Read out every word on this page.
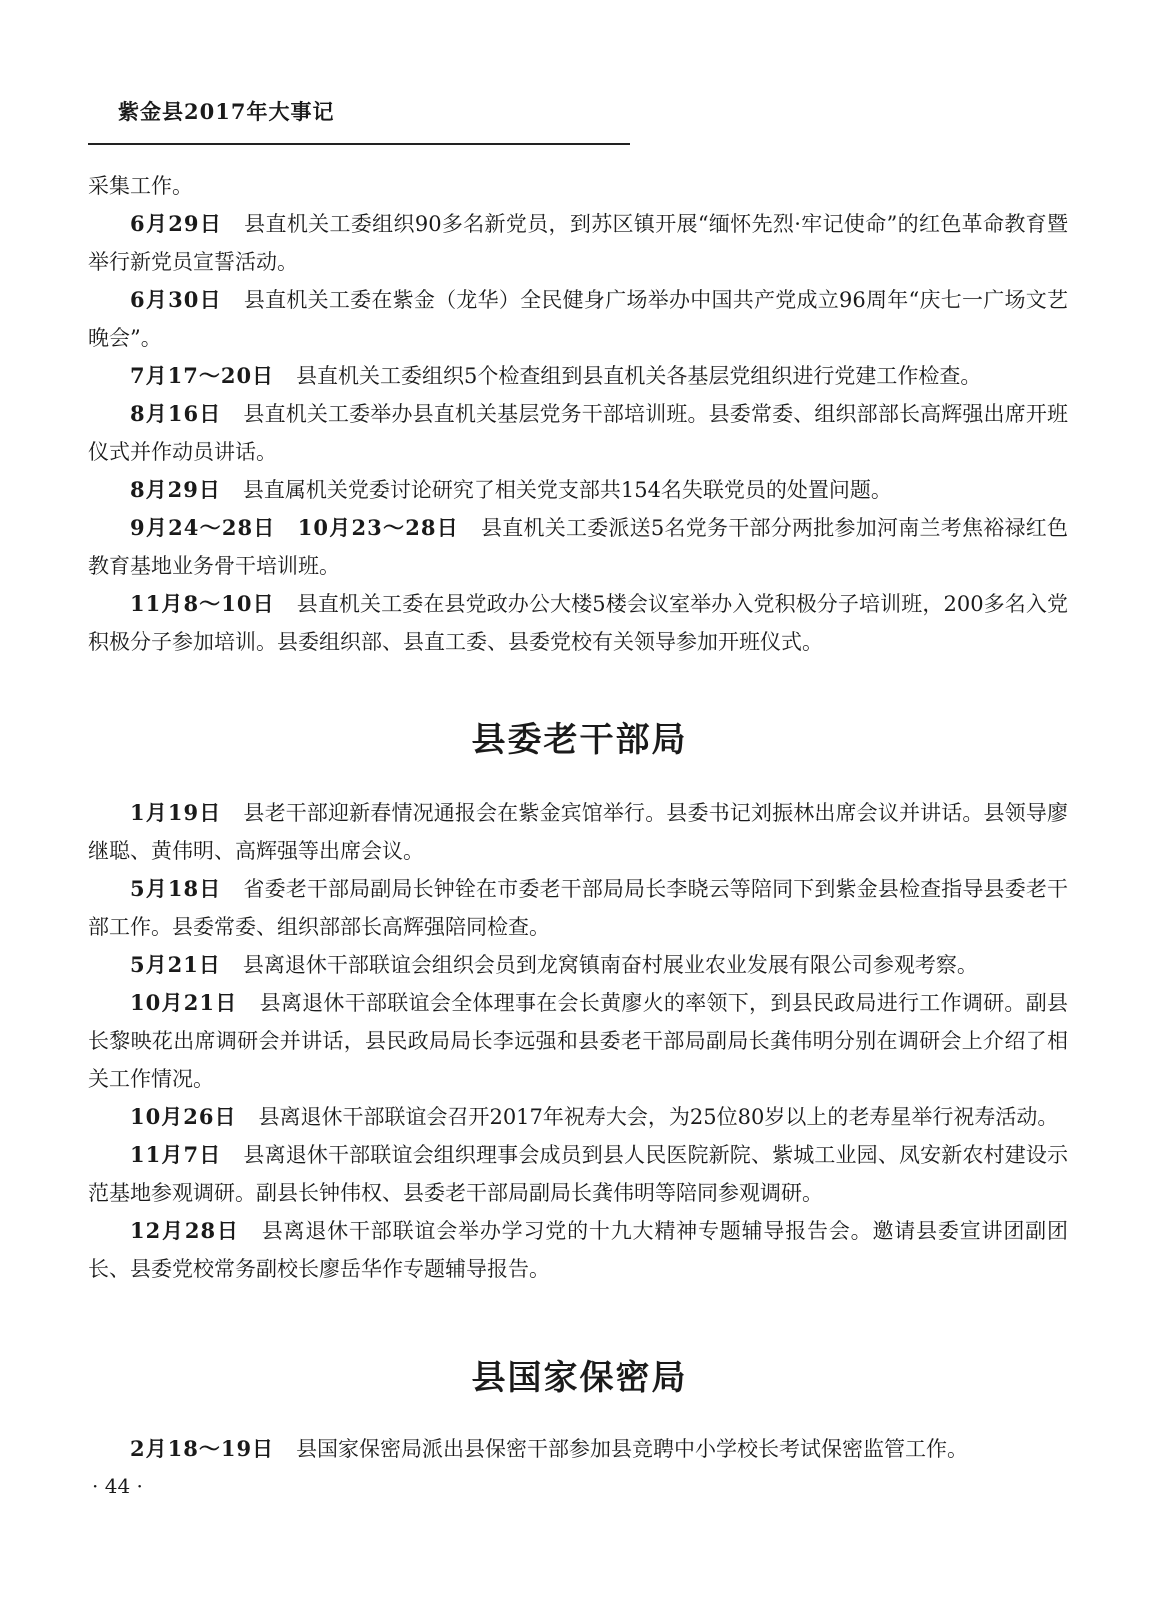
紫金县2017年大事记

采集工作。

6月29日 县直机关工委组织90多名新党员，到苏区镇开展“缅怀先烈·牢记使命”的红色革命教育暨举行新党员宣誓活动。

6月30日 县直机关工委在紫金（龙华）全民健身广场举办中国共产党成立96周年“庆七一广场文艺晚会”。

7月17～20日 县直机关工委组织5个检查组到县直机关各基层党组织进行党建工作检查。

8月16日 县直机关工委举办县直机关基层党务干部培训班。县委常委、组织部部长高辉强出席开班仪式并作动员讲话。

8月29日 县直属机关党委讨论研究了相关党支部共154名失联党员的处置问题。

9月24～28日　10月23～28日 县直机关工委派送5名党务干部分两批参加河南兰考焦裕禄红色教育基地业务骨干培训班。

11月8～10日 县直机关工委在县党政办公大楼5楼会议室举办入党积极分子培训班，200多名入党积极分子参加培训。县委组织部、县直工委、县委党校有关领导参加开班仪式。

县委老干部局

1月19日 县老干部迎新春情况通报会在紫金宾馆举行。县委书记刘振林出席会议并讲话。县领导廖继聪、黄伟明、高辉强等出席会议。

5月18日 省委老干部局副局长钟铨在市委老干部局局长李晓云等陪同下到紫金县检查指导县委老干部工作。县委常委、组织部部长高辉强陪同检查。

5月21日 县离退休干部联谊会组织会员到龙窝镇南奋村展业农业发展有限公司参观考察。

10月21日 县离退休干部联谊会全体理事在会长黄廖火的率领下，到县民政局进行工作调研。副县长黎映花出席调研会并讲话，县民政局局长李远强和县委老干部局副局长龚伟明分别在调研会上介绍了相关工作情况。

10月26日 县离退休干部联谊会召开2017年祝寿大会，为25位80岁以上的老寿星举行祝寿活动。

11月7日 县离退休干部联谊会组织理事会成员到县人民医院新院、紫城工业园、凤安新农村建设示范基地参观调研。副县长钟伟权、县委老干部局副局长龚伟明等陪同参观调研。

12月28日 县离退休干部联谊会举办学习党的十九大精神专题辅导报告会。邀请县委宣讲团副团长、县委党校常务副校长廖岳华作专题辅导报告。

县国家保密局

2月18～19日 县国家保密局派出县保密干部参加县竞聘中小学校长考试保密监管工作。

· 44 ·
